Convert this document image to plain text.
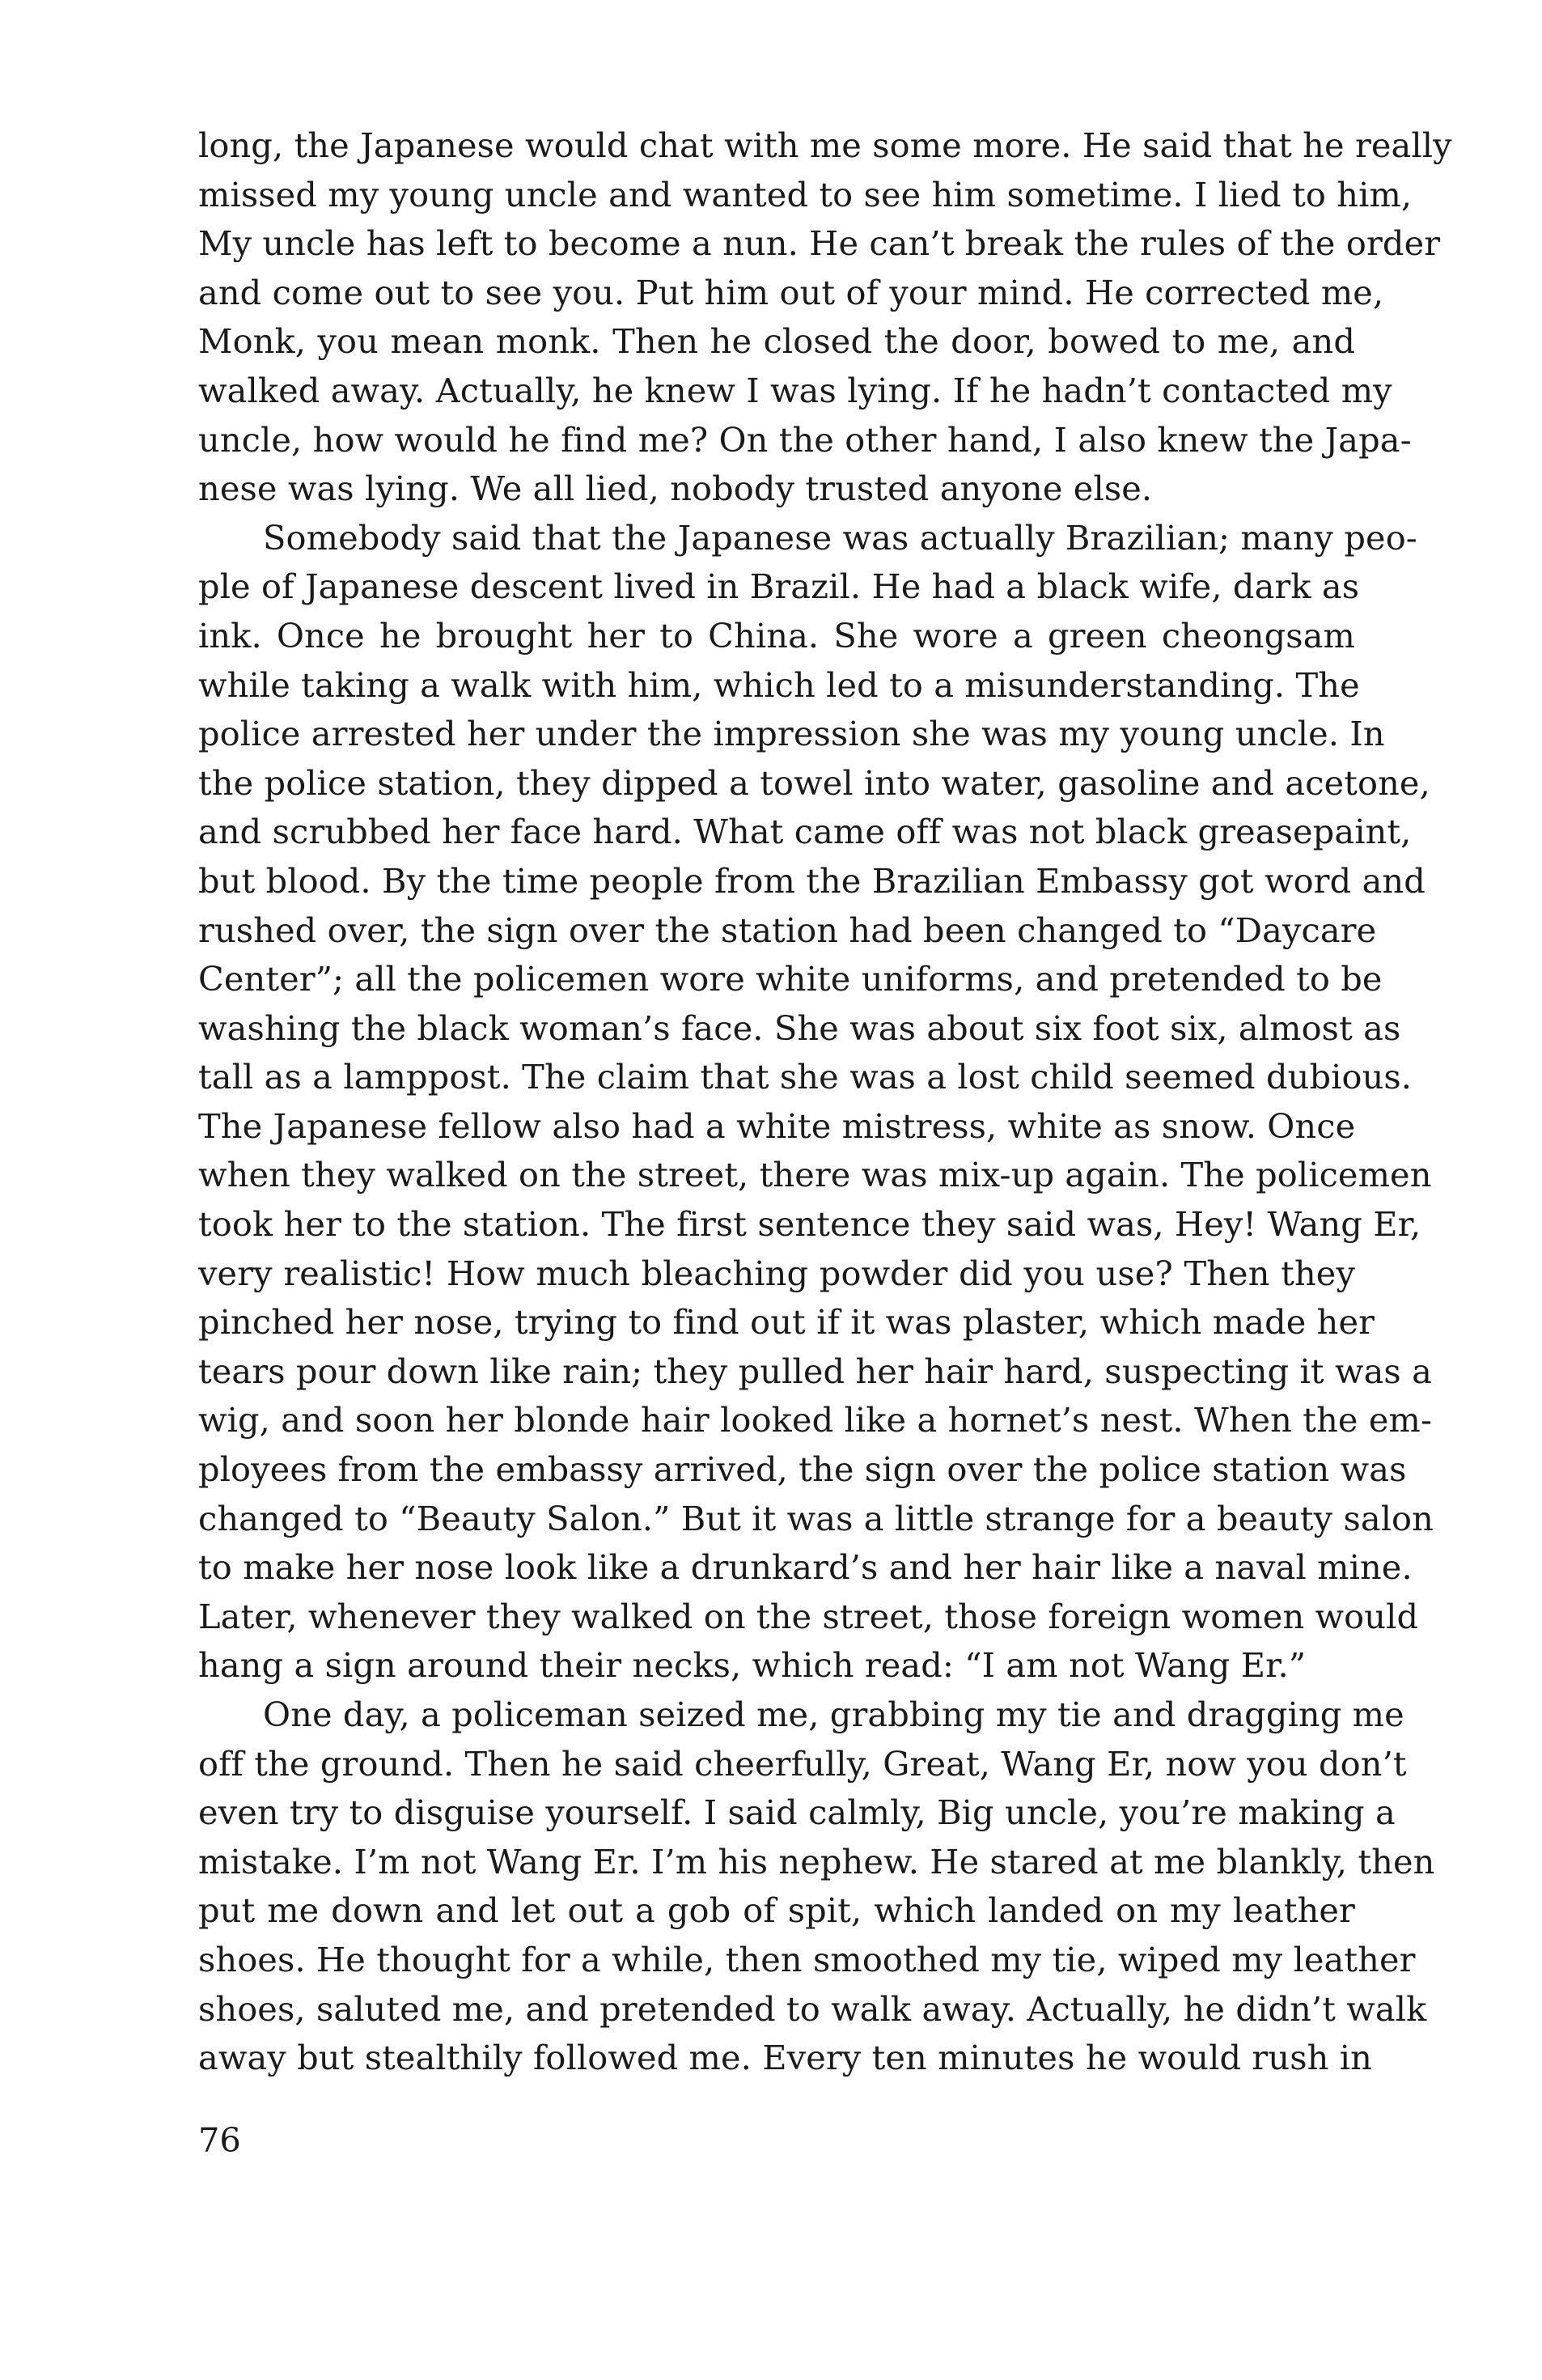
long, the Japanese would chat with me some more. He said that he really
missed my young uncle and wanted to see him sometime. I lied to him,
My uncle has left to become a nun. He can’t break the rules of the order
and come out to see you. Put him out of your mind. He corrected me,
Monk, you mean monk. Then he closed the door, bowed to me, and
walked away. Actually, he knew I was lying. If he hadn’t contacted my
uncle, how would he find me? On the other hand, I also knew the Japa-
nese was lying. We all lied, nobody trusted anyone else.
Somebody said that the Japanese was actually Brazilian; many peo-
ple of Japanese descent lived in Brazil. He had a black wife, dark as
ink. Once he brought her to China. She wore a green cheongsam
while taking a walk with him, which led to a misunderstanding. The
police arrested her under the impression she was my young uncle. In
the police station, they dipped a towel into water, gasoline and acetone,
and scrubbed her face hard. What came off was not black greasepaint,
but blood. By the time people from the Brazilian Embassy got word and
rushed over, the sign over the station had been changed to “Daycare
Center”; all the policemen wore white uniforms, and pretended to be
washing the black woman’s face. She was about six foot six, almost as
tall as a lamppost. The claim that she was a lost child seemed dubious.
The Japanese fellow also had a white mistress, white as snow. Once
when they walked on the street, there was mix-up again. The policemen
took her to the station. The first sentence they said was, Hey! Wang Er,
very realistic! How much bleaching powder did you use? Then they
pinched her nose, trying to find out if it was plaster, which made her
tears pour down like rain; they pulled her hair hard, suspecting it was a
wig, and soon her blonde hair looked like a hornet’s nest. When the em-
ployees from the embassy arrived, the sign over the police station was
changed to “Beauty Salon.” But it was a little strange for a beauty salon
to make her nose look like a drunkard’s and her hair like a naval mine.
Later, whenever they walked on the street, those foreign women would
hang a sign around their necks, which read: “I am not Wang Er.”
One day, a policeman seized me, grabbing my tie and dragging me
off the ground. Then he said cheerfully, Great, Wang Er, now you don’t
even try to disguise yourself. I said calmly, Big uncle, you’re making a
mistake. I’m not Wang Er. I’m his nephew. He stared at me blankly, then
put me down and let out a gob of spit, which landed on my leather
shoes. He thought for a while, then smoothed my tie, wiped my leather
shoes, saluted me, and pretended to walk away. Actually, he didn’t walk
away but stealthily followed me. Every ten minutes he would rush in
76
